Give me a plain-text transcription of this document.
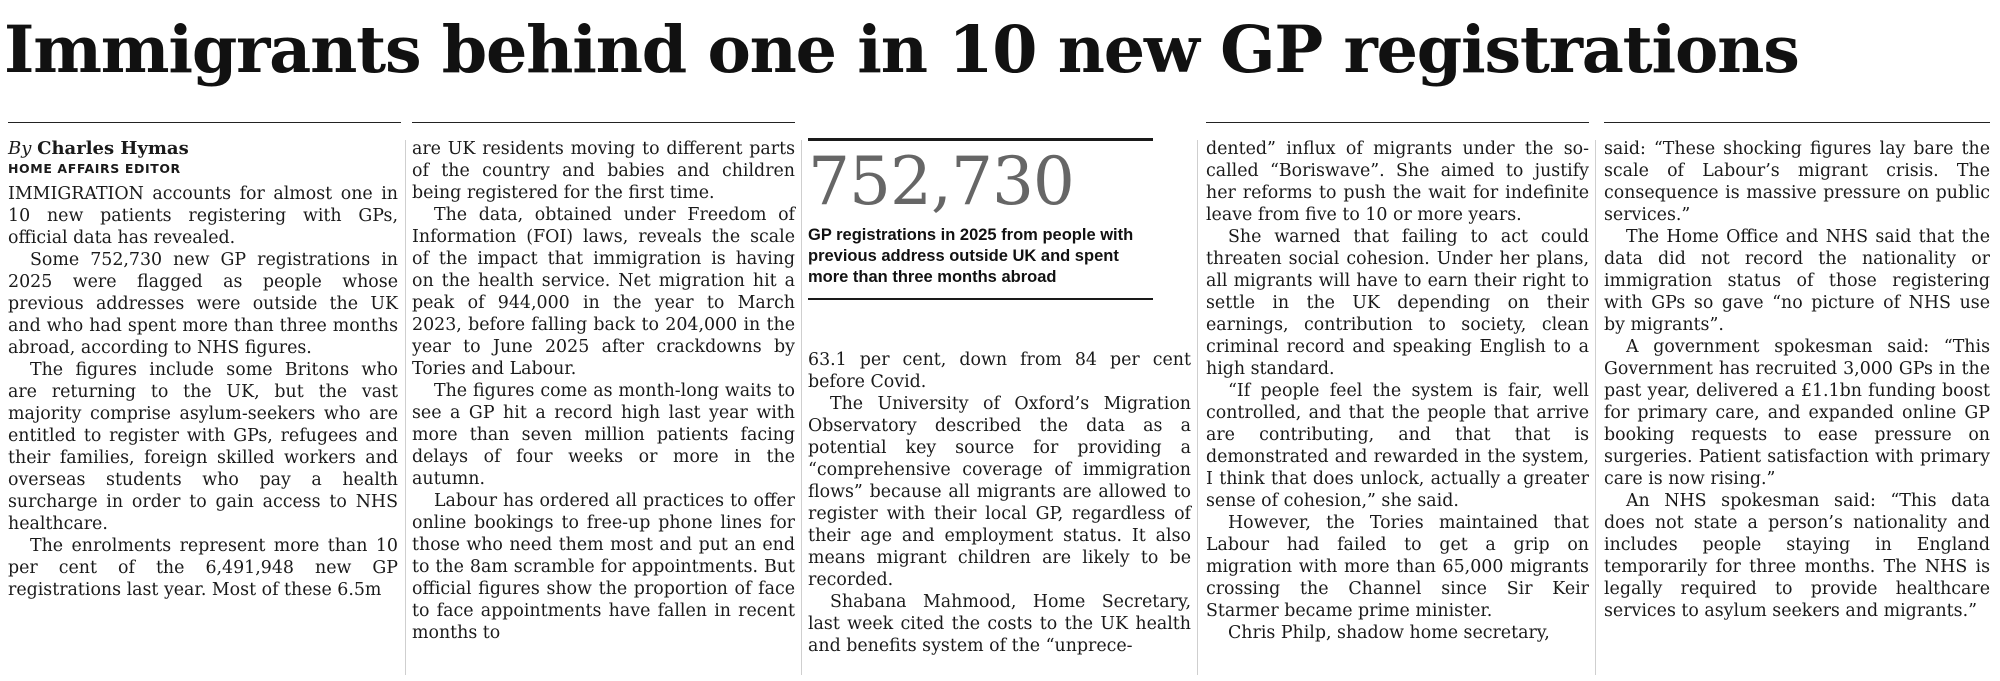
Immigrants behind one in 10 new GP registrations
By Charles Hymas
HOME AFFAIRS EDITOR

IMMIGRATION accounts for almost one in 10 new patients registering with GPs, official data has revealed.

Some 752,730 new GP registrations in 2025 were flagged as people whose previous addresses were outside the UK and who had spent more than three months abroad, according to NHS figures.

The figures include some Britons who are returning to the UK, but the vast majority comprise asylum-seekers who are entitled to register with GPs, refugees and their families, foreign skilled workers and overseas students who pay a health surcharge in order to gain access to NHS healthcare.

The enrolments represent more than 10 per cent of the 6,491,948 new GP registrations last year. Most of these 6.5m

are UK residents moving to different parts of the country and babies and children being registered for the first time.

The data, obtained under Freedom of Information (FOI) laws, reveals the scale of the impact that immigration is having on the health service. Net migration hit a peak of 944,000 in the year to March 2023, before falling back to 204,000 in the year to June 2025 after crackdowns by Tories and Labour.

The figures come as month-long waits to see a GP hit a record high last year with more than seven million patients facing delays of four weeks or more in the autumn.

Labour has ordered all practices to offer online bookings to free-up phone lines for those who need them most and put an end to the 8am scramble for appointments. But official figures show the proportion of face to face appointments have fallen in recent months to

752,730
GP registrations in 2025 from people with previous address outside UK and spent more than three months abroad

63.1 per cent, down from 84 per cent before Covid.

The University of Oxford’s Migration Observatory described the data as a potential key source for providing a “comprehensive coverage of immigration flows” because all migrants are allowed to register with their local GP, regardless of their age and employment status. It also means migrant children are likely to be recorded.

Shabana Mahmood, Home Secretary, last week cited the costs to the UK health and benefits system of the “unprece-

dented” influx of migrants under the so-called “Boriswave”. She aimed to justify her reforms to push the wait for indefinite leave from five to 10 or more years.

She warned that failing to act could threaten social cohesion. Under her plans, all migrants will have to earn their right to settle in the UK depending on their earnings, contribution to society, clean criminal record and speaking English to a high standard.

“If people feel the system is fair, well controlled, and that the people that arrive are contributing, and that that is demonstrated and rewarded in the system, I think that does unlock, actually a greater sense of cohesion,” she said.

However, the Tories maintained that Labour had failed to get a grip on migration with more than 65,000 migrants crossing the Channel since Sir Keir Starmer became prime minister.

Chris Philp, shadow home secretary,

said: “These shocking figures lay bare the scale of Labour’s migrant crisis. The consequence is massive pressure on public services.”

The Home Office and NHS said that the data did not record the nationality or immigration status of those registering with GPs so gave “no picture of NHS use by migrants”.

A government spokesman said: “This Government has recruited 3,000 GPs in the past year, delivered a £1.1bn funding boost for primary care, and expanded online GP booking requests to ease pressure on surgeries. Patient satisfaction with primary care is now rising.”

An NHS spokesman said: “This data does not state a person’s nationality and includes people staying in England temporarily for three months. The NHS is legally required to provide healthcare services to asylum seekers and migrants.”
